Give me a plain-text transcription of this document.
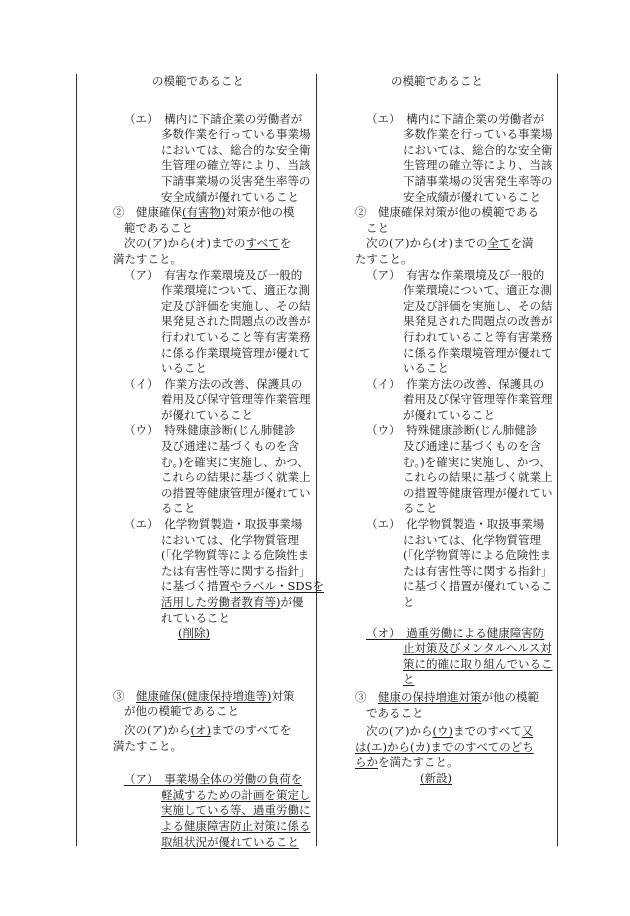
の模範であること

（エ）　構内に下請企業の労働者が

多数作業を行っている事業場

においては、総合的な安全衛

生管理の確立等により、当該

下請事業場の災害発生率等の

安全成績が優れていること

②　健康確保(有害物)対策が他の模

範であること

次の(ア)から(オ)までのすべてを

満たすこと。

（ア）　有害な作業環境及び一般的

作業環境について、適正な測

定及び評価を実施し、その結

果発見された問題点の改善が

行われていること等有害業務

に係る作業環境管理が優れて

いること

（イ）　作業方法の改善、保護具の

着用及び保守管理等作業管理

が優れていること

（ウ）　特殊健康診断(じん肺健診

及び通達に基づくものを含

む。)を確実に実施し、かつ、

これらの結果に基づく就業上

の措置等健康管理が優れてい

ること

（エ）　化学物質製造・取扱事業場

においては、化学物質管理

(「化学物質等による危険性ま

たは有害性等に関する指針」

に基づく措置やラベル・SDSを

活用した労働者教育等)が優

れていること

(削除)

③　健康確保(健康保持増進等)対策

が他の模範であること

次の(ア)から(オ)までのすべてを

満たすこと。

（ア）　事業場全体の労働の負荷を

軽減するための計画を策定し

実施している等、過重労働に

よる健康障害防止対策に係る

取組状況が優れていること

の模範であること

（エ）　構内に下請企業の労働者が

多数作業を行っている事業場

においては、総合的な安全衛

生管理の確立等により、当該

下請事業場の災害発生率等の

安全成績が優れていること

②　健康確保対策が他の模範である

こと

次の(ア)から(オ)までの全てを満

たすこと。

（ア）　有害な作業環境及び一般的

作業環境について、適正な測

定及び評価を実施し、その結

果発見された問題点の改善が

行われていること等有害業務

に係る作業環境管理が優れて

いること

（イ）　作業方法の改善、保護具の

着用及び保守管理等作業管理

が優れていること

（ウ）　特殊健康診断(じん肺健診

及び通達に基づくものを含

む。)を確実に実施し、かつ、

これらの結果に基づく就業上

の措置等健康管理が優れてい

ること

（エ）　化学物質製造・取扱事業場

においては、化学物質管理

(「化学物質等による危険性ま

たは有害性等に関する指針」

に基づく措置が優れているこ

と

（オ）　過重労働による健康障害防

止対策及びメンタルヘルス対

策に的確に取り組んでいるこ

と

③　健康の保持増進対策が他の模範

であること

次の(ア)から(ウ)までのすべて又

は(エ)から(カ)までのすべてのどち

らかを満たすこと。

(新設)
